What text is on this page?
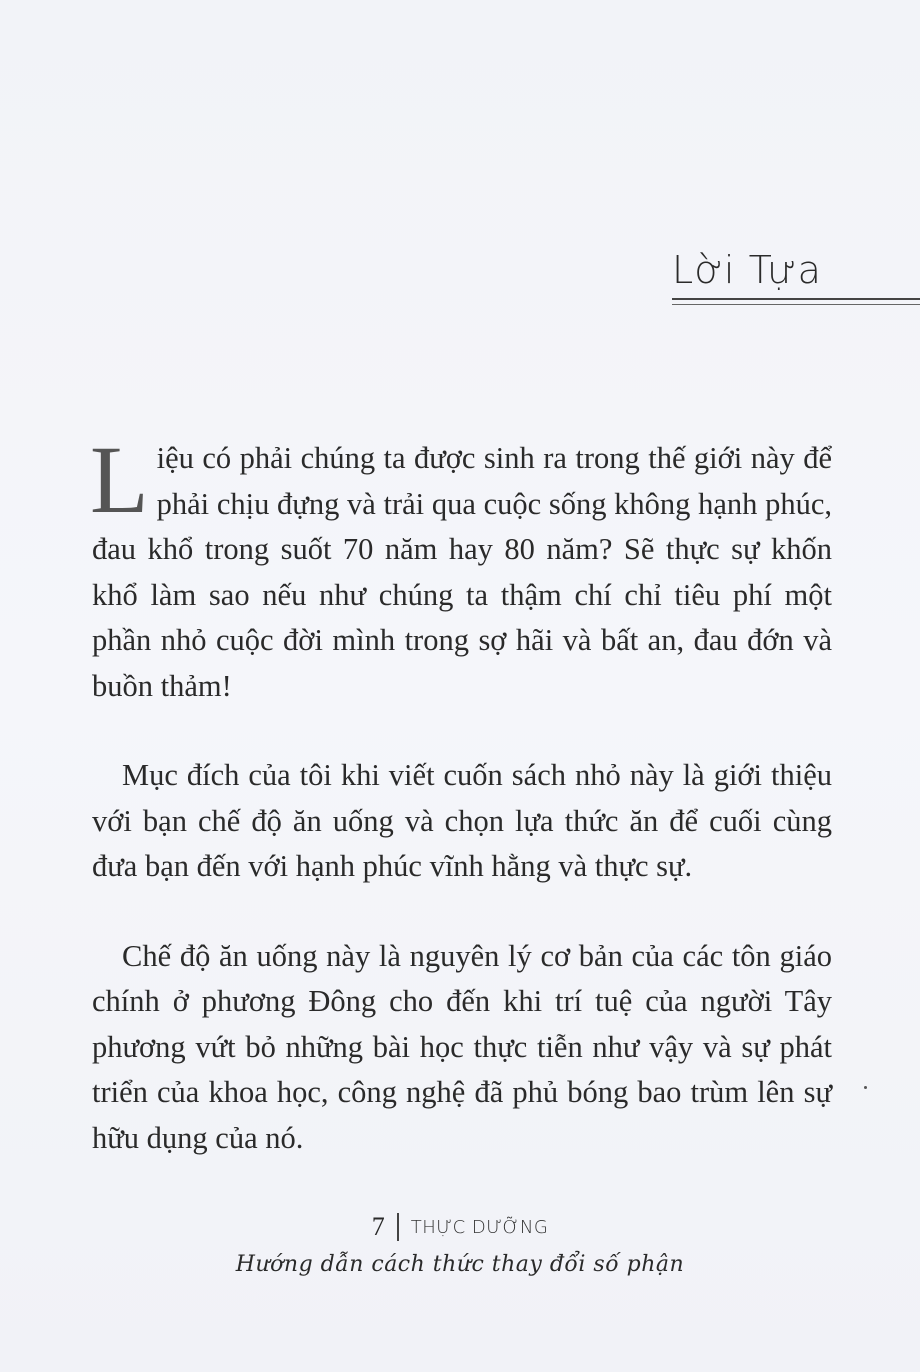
Lời Tựa

Liệu có phải chúng ta được sinh ra trong thế giới này để phải chịu đựng và trải qua cuộc sống không hạnh phúc, đau khổ trong suốt 70 năm hay 80 năm? Sẽ thực sự khốn khổ làm sao nếu như chúng ta thậm chí chỉ tiêu phí một phần nhỏ cuộc đời mình trong sợ hãi và bất an, đau đớn và buồn thảm!

Mục đích của tôi khi viết cuốn sách nhỏ này là giới thiệu với bạn chế độ ăn uống và chọn lựa thức ăn để cuối cùng đưa bạn đến với hạnh phúc vĩnh hằng và thực sự.

Chế độ ăn uống này là nguyên lý cơ bản của các tôn giáo chính ở phương Đông cho đến khi trí tuệ của người Tây phương vứt bỏ những bài học thực tiễn như vậy và sự phát triển của khoa học, công nghệ đã phủ bóng bao trùm lên sự hữu dụng của nó.

7 THỰC DƯỠNG
Hướng dẫn cách thức thay đổi số phận
